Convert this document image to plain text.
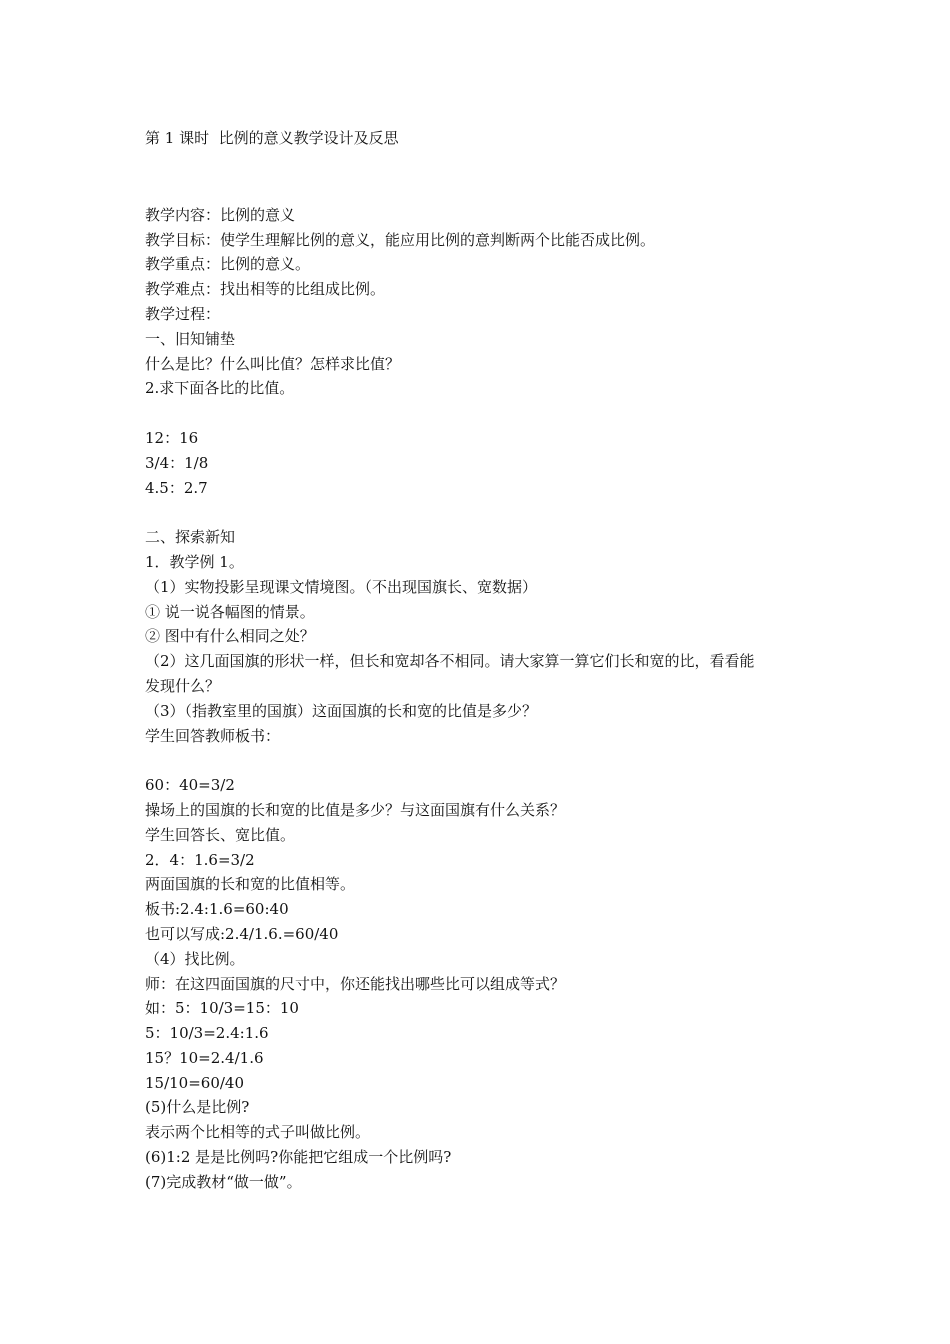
第 1 课时  比例的意义教学设计及反思
教学内容：比例的意义
教学目标：使学生理解比例的意义，能应用比例的意判断两个比能否成比例。
教学重点：比例的意义。
教学难点：找出相等的比组成比例。
教学过程：
一、旧知铺垫
什么是比？什么叫比值？怎样求比值？
2.求下面各比的比值。
12：16
3/4：1/8
4.5：2.7
二、探索新知
1．教学例 1。
（1）实物投影呈现课文情境图。（不出现国旗长、宽数据）
① 说一说各幅图的情景。
② 图中有什么相同之处？
（2）这几面国旗的形状一样，但长和宽却各不相同。请大家算一算它们长和宽的比，看看能
发现什么？
（3）（指教室里的国旗）这面国旗的长和宽的比值是多少？
学生回答教师板书：
60：40=3/2
操场上的国旗的长和宽的比值是多少？与这面国旗有什么关系？
学生回答长、宽比值。
2．4：1.6=3/2
两面国旗的长和宽的比值相等。
板书:2.4:1.6=60:40
也可以写成:2.4/1.6.=60/40
（4）找比例。
师：在这四面国旗的尺寸中，你还能找出哪些比可以组成等式？
如：5：10/3=15：10
5：10/3=2.4:1.6
15？10=2.4/1.6
15/10=60/40
(5)什么是比例?
表示两个比相等的式子叫做比例。
(6)1:2 是是比例吗?你能把它组成一个比例吗?
(7)完成教材“做一做”。
